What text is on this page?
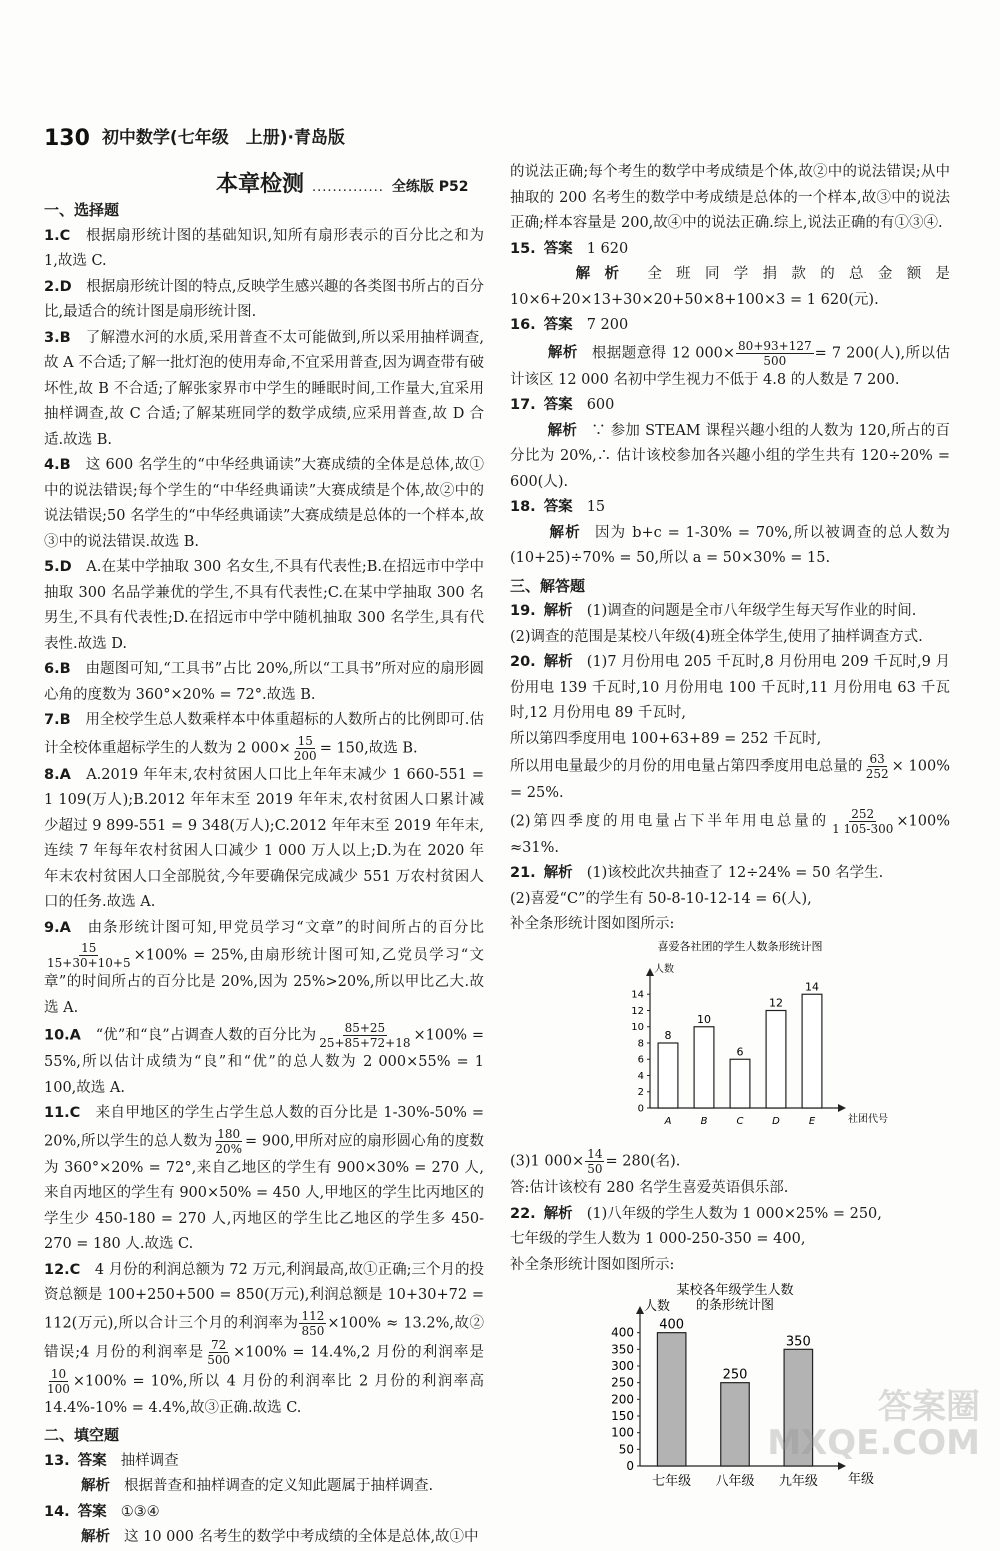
130 初中数学(七年级　上册)·青岛版
本章检测 .............. 全练版 P52
一、选择题

1.C　 根据扇形统计图的基础知识,知所有扇形表示的百分比之和为 1,故选 C.

2.D　 根据扇形统计图的特点,反映学生感兴趣的各类图书所占的百分比,最适合的统计图是扇形统计图.

3.B　 了解澧水河的水质,采用普查不太可能做到,所以采用抽样调查,故 A 不合适;了解一批灯泡的使用寿命,不宜采用普查,因为调查带有破坏性,故 B 不合适;了解张家界市中学生的睡眠时间,工作量大,宜采用抽样调查,故 C 合适;了解某班同学的数学成绩,应采用普查,故 D 合适.故选 B.

4.B　 这 600 名学生的“中华经典诵读”大赛成绩的全体是总体,故①中的说法错误;每个学生的“中华经典诵读”大赛成绩是个体,故②中的说法错误;50 名学生的“中华经典诵读”大赛成绩是总体的一个样本,故③中的说法错误.故选 B.

5.D　 A.在某中学抽取 300 名女生,不具有代表性;B.在招远市中学中抽取 300 名品学兼优的学生,不具有代表性;C.在某中学抽取 300 名男生,不具有代表性;D.在招远市中学中随机抽取 300 名学生,具有代表性.故选 D.

6.B　 由题图可知,“工具书”占比 20%,所以“工具书”所对应的扇形圆心角的度数为 360°×20% = 72°.故选 B.

7.B　 用全校学生总人数乘样本中体重超标的人数所占的比例即可.估计全校体重超标学生的人数为 2 $000\times \frac{15}{200} = 150$,故选 B.

8.A　 A.2019 年年末,农村贫困人口比上年年末减少 1 660-551 = 1 109(万人);B.2012 年年末至 2019 年年末,农村贫困人口累计减少超过 9 899-551 = 9 348(万人);C.2012 年年末至 2019 年年末,连续 7 年每年农村贫困人口减少 1 000 万人以上;D.为在 2020 年年末农村贫困人口全部脱贫,今年要确保完成减少 551 万农村贫困人口的任务.故选 A.

9.A　 由条形统计图可知,甲党员学习“文章”的时间所占的百分比
$\frac{15}{15+30+10+5} \times 100\% = 25\%$,由扇形统计图可知,乙党员学习“文章”的时间所占的百分比是 20%,因为 25%>20%,所以甲比乙大.故选 A.

10.A　 “优”和“良”占调查人数的百分比为 $\frac{85+25}{25+85+72+18} \times 100\% = 55\%$,所以估计成绩为“良”和“优”的总人数为 2 000×55% = 1 100,故选 A.

11.C　 来自甲地区的学生占学生总人数的百分比是 1-30%-50% = 20%,所以学生的总人数为 $\frac{180}{20\%} = 900$,甲所对应的扇形圆心角的度数为 360°×20% = 72°,来自乙地区的学生有 900×30% = 270 人,来自丙地区的学生有 900×50% = 450 人,甲地区的学生比丙地区的学生少 450-180 = 270 人,丙地区的学生比乙地区的学生多 450-270 = 180 人.故选 C.

12.C　 4 月份的利润总额为 72 万元,利润最高,故①正确;三个月的投资总额是 100+250+500 = 850(万元),利润总额是 10+30+72 = 112(万元),所以合计三个月的利润率为 $\frac{112}{850} \times 100\% \approx 13.2\%$,故②错误;4 月份的利润率是 $\frac{72}{500} \times 100\% = 14.4\%,2$ 月份的利润率是
$\frac{10}{100} \times 100\% = 10\%$,所以 4 月份的利润率比 2 月份的利润率高 14.4%-10% = 4.4%,故③正确.故选 C.

二、填空题

13. 答案 抽样调查

　　解析 根据普查和抽样调查的定义知此题属于抽样调查.

14. 答案 ①③④

　　解析 这 10 000 名考生的数学中考成绩的全体是总体,故①中

的说法正确;每个考生的数学中考成绩是个体,故②中的说法错误;从中抽取的 200 名考生的数学中考成绩是总体的一个样本,故③中的说法正确;样本容量是 200,故④中的说法正确.综上,说法正确的有①③④.

15. 答案 1 620

　　解析 全班同学捐款的总金额是 10×6+20×13+30×20+50×8+100×3 = 1 620(元).

16. 答案 7 200

　　解析 根据题意得 12 $000\times \frac{80+93+127}{500} = 7$ 200(人),所以估计该区 12 000 名初中学生视力不低于 4.8 的人数是 7 200.

17. 答案 600

　　解析 ∵ 参加 STEAM 课程兴趣小组的人数为 120,所占的百分比为 20%,∴ 估计该校参加各兴趣小组的学生共有 120÷20% = 600(人).

18. 答案 15

　　解析 因为 b+c = 1-30% = 70%,所以被调查的总人数为(10+25)÷70% = 50,所以 a = 50×30% = 15.

三、解答题

19. 解析 (1)调查的问题是全市八年级学生每天写作业的时间.

(2)调查的范围是某校八年级(4)班全体学生,使用了抽样调查方式.

20. 解析 (1)7 月份用电 205 千瓦时,8 月份用电 209 千瓦时,9 月份用电 139 千瓦时,10 月份用电 100 千瓦时,11 月份用电 63 千瓦时,12 月份用电 89 千瓦时,

所以第四季度用电 100+63+89 = 252 千瓦时,

所以用电量最少的月份的用电量占第四季度用电总量的 $\frac{63}{252} \times 100\% = 25\%$.

(2)第四季度的用电量占下半年用电总量的 $\frac{252}{1 105-300} \times 100\% \approx 31\%$.

21. 解析 (1)该校此次共抽查了 12÷24% = 50 名学生.

(2)喜爱“C”的学生有 50-8-10-12-14 = 6(人),

补全条形统计图如图所示:

喜爱各社团的学生人数条形统计图
人数
社团代号
0
2
4
6
8
10
12
14
8
A
10
B
6
C
12
D
14
E

(3)1 $000\times \frac{14}{50} = 280$(名).

答:估计该校有 280 名学生喜爱英语俱乐部.

22. 解析 (1)八年级的学生人数为 1 000×25% = 250,

七年级的学生人数为 1 000-250-350 = 400,

补全条形统计图如图所示:

某校各年级学生人数
的条形统计图
人数
年级
0
50
100
150
200
250
300
350
400 400
七年级
250
八年级
350
九年级
答案圈
MXQE.COM
